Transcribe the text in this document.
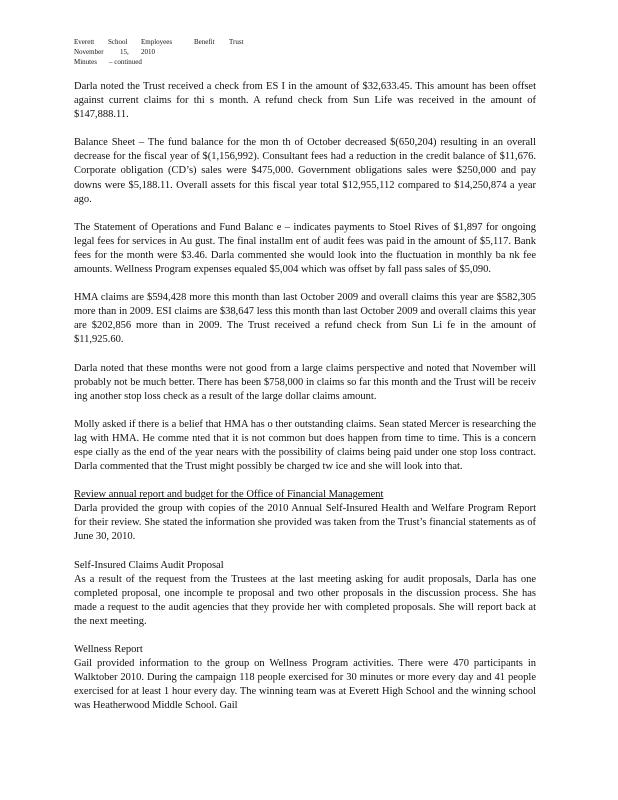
Everett School Employees	Benefit Trust
November 15, 2010
Minutes – continued

Darla noted the Trust received a check from ES I in the amount of $32,633.45. This amount has been offset against current claims for thi s month. A refund check from Sun Life was received in the amount of $147,888.11.

Balance Sheet – The fund balance for the mon th of October decreased $(650,204) resulting in an overall decrease for the fiscal year of $(1,156,992). Consultant fees had a reduction in the credit balance of $11,676. Corporate obligation (CD’s) sales were $475,000. Government obligations sales were $250,000 and pay downs were $5,188.11. Overall assets for this fiscal year total $12,955,112 compared to $14,250,874 a year ago.

The Statement of Operations and Fund Balanc e – indicates payments to Stoel Rives of $1,897 for ongoing legal fees for services in Au gust. The final installm ent of audit fees was paid in the amount of $5,117. Bank fees for the month were $3.46. Darla commented she would look into the fluctuation in monthly ba nk fee amounts. Wellness Program expenses equaled $5,004 which was offset by fall pass sales of $5,090.

HMA claims are $594,428 more this month than last October 2009 and overall claims this year are $582,305 more than in 2009. ESI claims are $38,647 less this month than last October 2009 and overall claims this year are $202,856 more than in 2009. The Trust received a refund check from Sun Li fe in the amount of $11,925.60.

Darla noted that these months were not good from a large claims perspective and noted that November will probably not be much better. There has been $758,000 in claims so far this month and the Trust will be receiv ing another stop loss check as a result of the large dollar claims amount.

Molly asked if there is a belief that HMA has o ther outstanding claims. Sean stated Mercer is researching the lag with HMA. He comme nted that it is not common but does happen from time to time. This is a concern espe cially as the end of the year nears with the possibility of claims being paid under one stop loss contract. Darla commented that the Trust might possibly be charged tw ice and she will look into that.

Review annual report and budget for the Office of Financial Management

Darla provided the group with copies of the 2010 Annual Self-Insured Health and Welfare Program Report for their review. She stated the information she provided was taken from the Trust’s financial statements as of June 30, 2010.

Self-Insured Claims Audit Proposal

As a result of the request from the Trustees at the last meeting asking for audit proposals, Darla has one completed proposal, one incomple te proposal and two other proposals in the discussion process. She has made a request to the audit agencies that they provide her with completed proposals. She will report back at the next meeting.

Wellness Report

Gail provided information to the group on Wellness Program activities. There were 470 participants in Walktober 2010. During the campaign 118 people exercised for 30 minutes or more every day and 41 people exercised for at least 1 hour every day. The winning team was at Everett High School and the winning school was Heatherwood Middle School. Gail
